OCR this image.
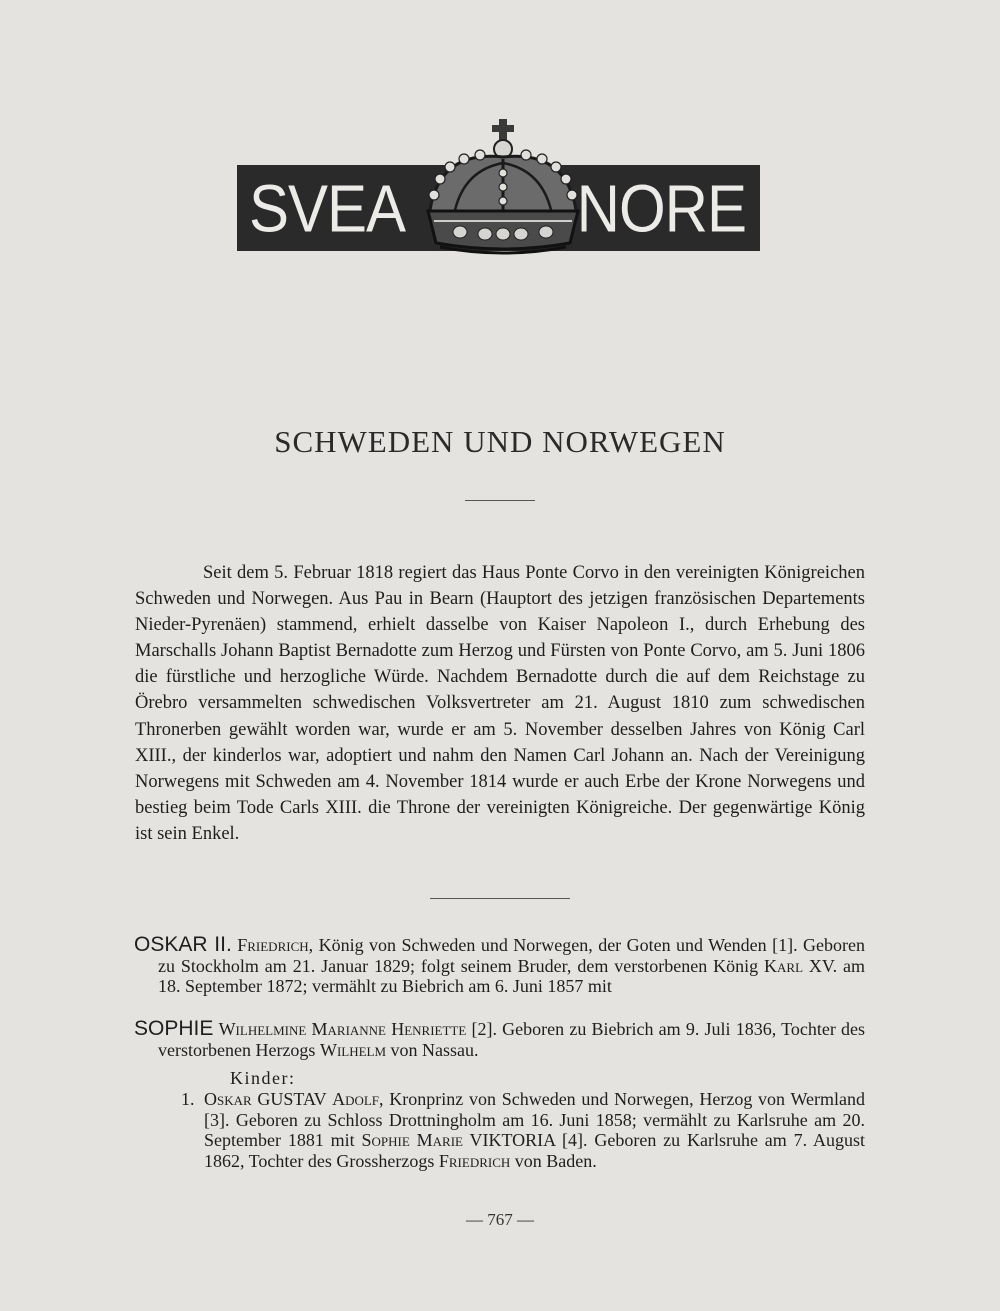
SVEA	NORE
SCHWEDEN UND NORWEGEN

Seit dem 5. Februar 1818 regiert das Haus Ponte Corvo in den vereinigten Königreichen Schweden und Norwegen. Aus Pau in Bearn (Hauptort des jetzigen französischen Departements Nieder-Pyrenäen) stammend, erhielt dasselbe von Kaiser Napoleon I., durch Erhebung des Marschalls Johann Baptist Bernadotte zum Herzog und Fürsten von Ponte Corvo, am 5. Juni 1806 die fürstliche und herzogliche Würde. Nachdem Bernadotte durch die auf dem Reichstage zu Örebro versammelten schwedischen Volksvertreter am 21. August 1810 zum schwedischen Thronerben gewählt worden war, wurde er am 5. November desselben Jahres von König Carl XIII., der kinderlos war, adoptiert und nahm den Namen Carl Johann an. Nach der Vereinigung Norwegens mit Schweden am 4. November 1814 wurde er auch Erbe der Krone Norwegens und bestieg beim Tode Carls XIII. die Throne der vereinigten Königreiche. Der gegenwärtige König ist sein Enkel.

OSKAR II. Friedrich, König von Schweden und Norwegen, der Goten und Wenden [1]. Geboren zu Stockholm am 21. Januar 1829; folgt seinem Bruder, dem verstorbenen König Karl XV. am 18. September 1872; vermählt zu Biebrich am 6. Juni 1857 mit

SOPHIE Wilhelmine Marianne Henriette [2]. Geboren zu Biebrich am 9. Juli 1836, Tochter des verstorbenen Herzogs Wilhelm von Nassau.

Kinder:
1. Oskar GUSTAV Adolf, Kronprinz von Schweden und Norwegen, Herzog von Wermland [3]. Geboren zu Schloss Drottningholm am 16. Juni 1858; vermählt zu Karlsruhe am 20. September 1881 mit Sophie Marie VIKTORIA [4]. Geboren zu Karlsruhe am 7. August 1862, Tochter des Grossherzogs Friedrich von Baden.

— 767 —
